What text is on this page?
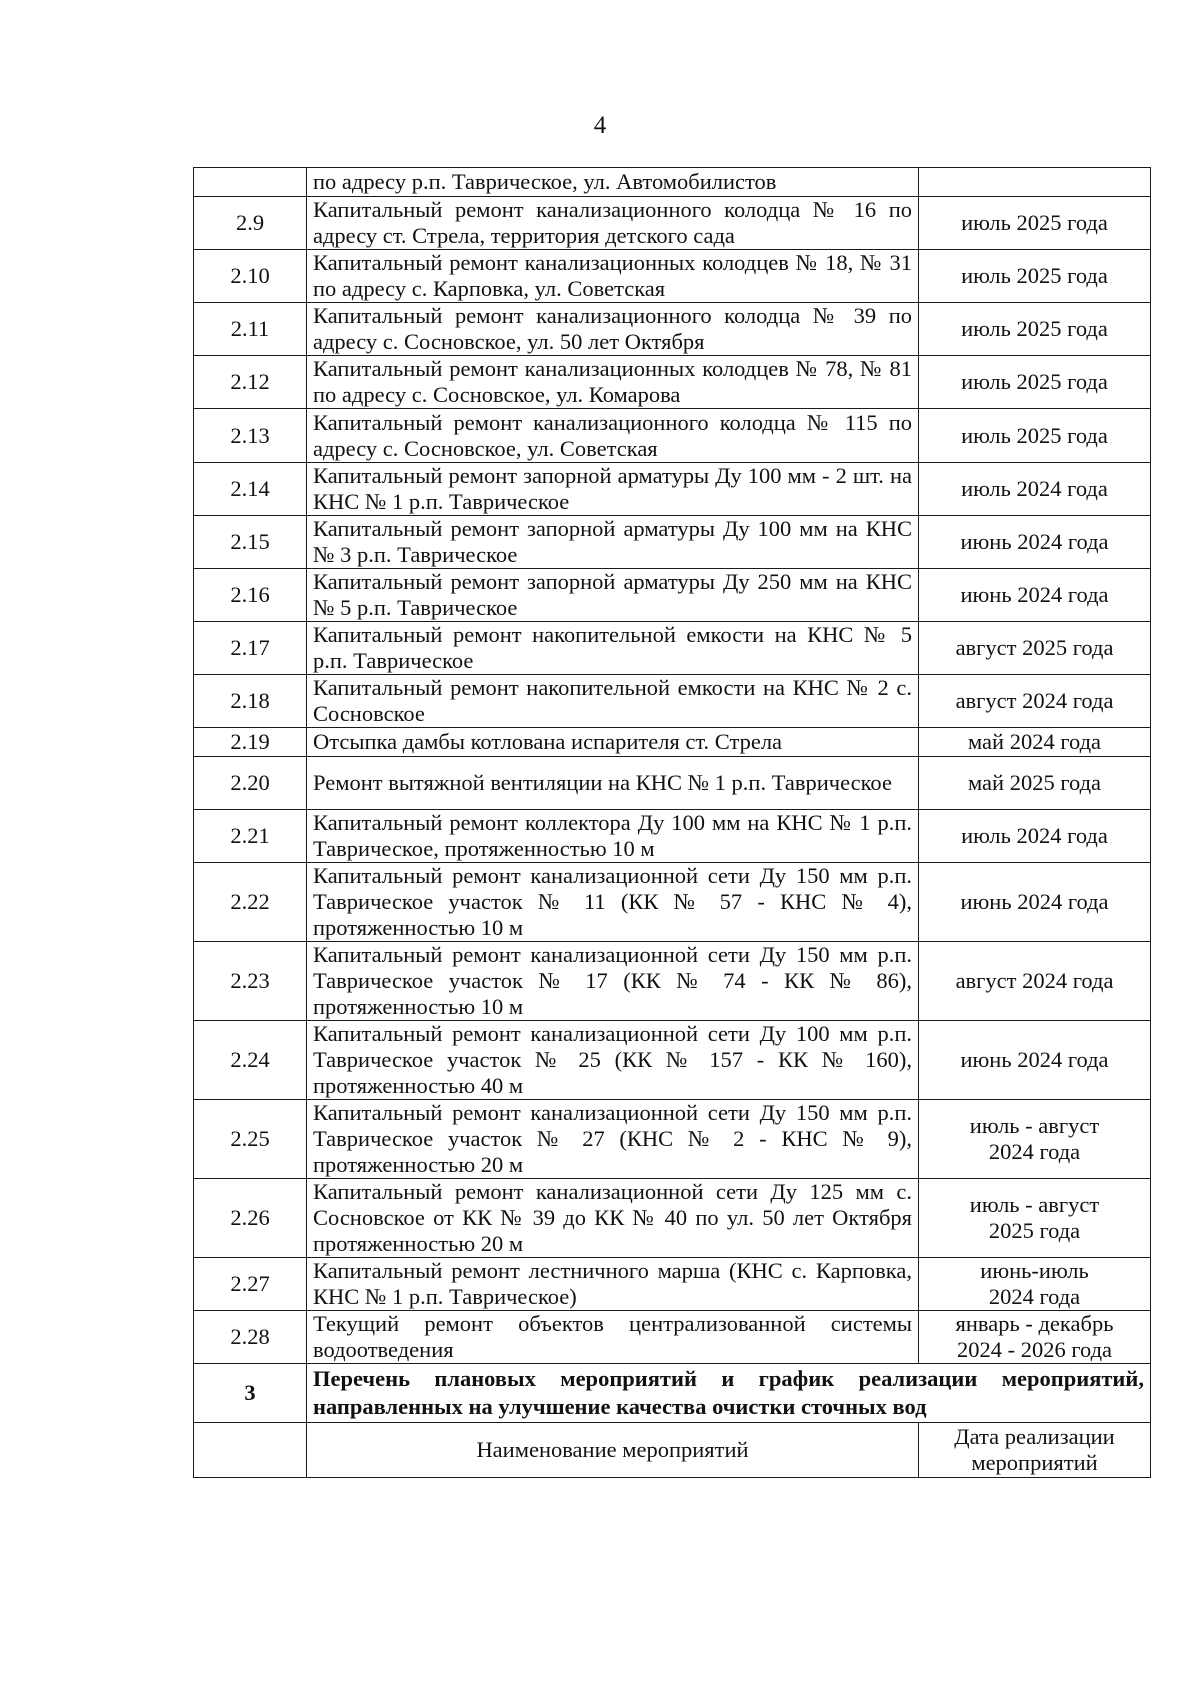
4
	по адресу р.п. Таврическое, ул. Автомобилистов	
2.9	Капитальный ремонт канализационного колодца № 16 по адресу ст. Стрела, территория детского сада	июль 2025 года

2.10	Капитальный ремонт канализационных колодцев № 18, № 31 по адресу с. Карповка, ул. Советская	июль 2025 года

2.11	Капитальный ремонт канализационного колодца № 39 по адресу с. Сосновское, ул. 50 лет Октября	июль 2025 года

2.12	Капитальный ремонт канализационных колодцев № 78, № 81 по адресу с. Сосновское, ул. Комарова	июль 2025 года

2.13	Капитальный ремонт канализационного колодца № 115 по адресу с. Сосновское, ул. Советская	июль 2025 года

2.14	Капитальный ремонт запорной арматуры Ду 100 мм - 2 шт. на КНС № 1 р.п. Таврическое	июль 2024 года

2.15	Капитальный ремонт запорной арматуры Ду 100 мм на КНС № 3 р.п. Таврическое	июнь 2024 года

2.16	Капитальный ремонт запорной арматуры Ду 250 мм на КНС № 5 р.п. Таврическое	июнь 2024 года

2.17	Капитальный ремонт накопительной емкости на КНС № 5 р.п. Таврическое	август 2025 года

2.18	Капитальный ремонт накопительной емкости на КНС № 2 с. Сосновское	август 2024 года

2.19	Отсыпка дамбы котлована испарителя ст. Стрела	май 2024 года

2.20	Ремонт вытяжной вентиляции на КНС № 1 р.п. Таврическое	май 2025 года

2.21	Капитальный ремонт коллектора Ду 100 мм на КНС № 1 р.п. Таврическое, протяженностью 10 м	июль 2024 года

2.22	Капитальный ремонт канализационной сети Ду 150 мм р.п. Таврическое участок № 11 (КК № 57 - КНС № 4), протяженностью 10 м	июнь 2024 года

2.23	Капитальный ремонт канализационной сети Ду 150 мм р.п. Таврическое участок № 17 (КК № 74 - КК № 86), протяженностью 10 м	август 2024 года

2.24	Капитальный ремонт канализационной сети Ду 100 мм р.п. Таврическое участок № 25 (КК № 157 - КК № 160), протяженностью 40 м	июнь 2024 года

2.25	Капитальный ремонт канализационной сети Ду 150 мм р.п. Таврическое участок № 27 (КНС № 2 - КНС № 9), протяженностью 20 м	июль - август
2024 года

2.26	Капитальный ремонт канализационной сети Ду 125 мм с. Сосновское от КК № 39 до КК № 40 по ул. 50 лет Октября протяженностью 20 м	июль - август
2025 года

2.27	Капитальный ремонт лестничного марша (КНС с. Карповка, КНС № 1 р.п. Таврическое)	июнь-июль
2024 года

2.28	Текущий ремонт объектов централизованной системы водоотведения	январь - декабрь
2024 - 2026 года

3	Перечень плановых мероприятий и график реализации мероприятий, направленных на улучшение качества очистки сточных вод	
	Наименование мероприятий	Дата реализации
мероприятий
